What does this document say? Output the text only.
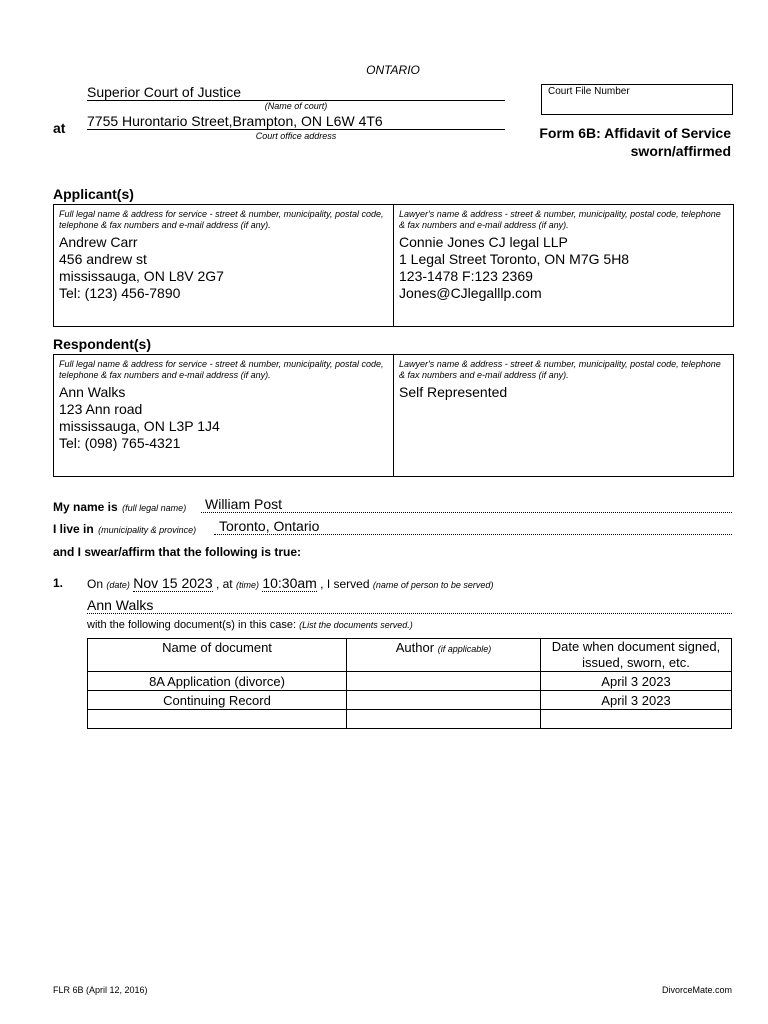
ONTARIO
Superior Court of Justice
(Name of court)
at 7755 Hurontario Street,Brampton, ON L6W 4T6
Court office address
Court File Number
Form 6B: Affidavit of Service
sworn/affirmed
Applicant(s)
Full legal name & address for service - street & number, municipality, postal code, telephone & fax numbers and e-mail address (if any).
Andrew Carr
456 andrew st
mississauga, ON L8V 2G7
Tel: (123) 456-7890
Lawyer's name & address - street & number, municipality, postal code, telephone & fax numbers and e-mail address (if any).
Connie Jones CJ legal LLP
1 Legal Street Toronto, ON M7G 5H8
123-1478 F:123 2369
Jones@CJlegalllp.com
Respondent(s)
Full legal name & address for service - street & number, municipality, postal code, telephone & fax numbers and e-mail address (if any).
Ann Walks
123 Ann road
mississauga, ON L3P 1J4
Tel: (098) 765-4321
Lawyer's name & address - street & number, municipality, postal code, telephone & fax numbers and e-mail address (if any).
Self Represented
My name is (full legal name) William Post
I live in (municipality & province)	Toronto, Ontario
and I swear/affirm that the following is true:
1. On (date) Nov 15 2023 , at (time) 10:30am , I served (name of person to be served)
Ann Walks
with the following document(s) in this case: (List the documents served.)
Name of document	Author (if applicable)	Date when document signed,
issued, sworn, etc.

8A Application (divorce)		April 3 2023
Continuing Record		April 3 2023

FLR 6B (April 12, 2016)	DivorceMate.com
